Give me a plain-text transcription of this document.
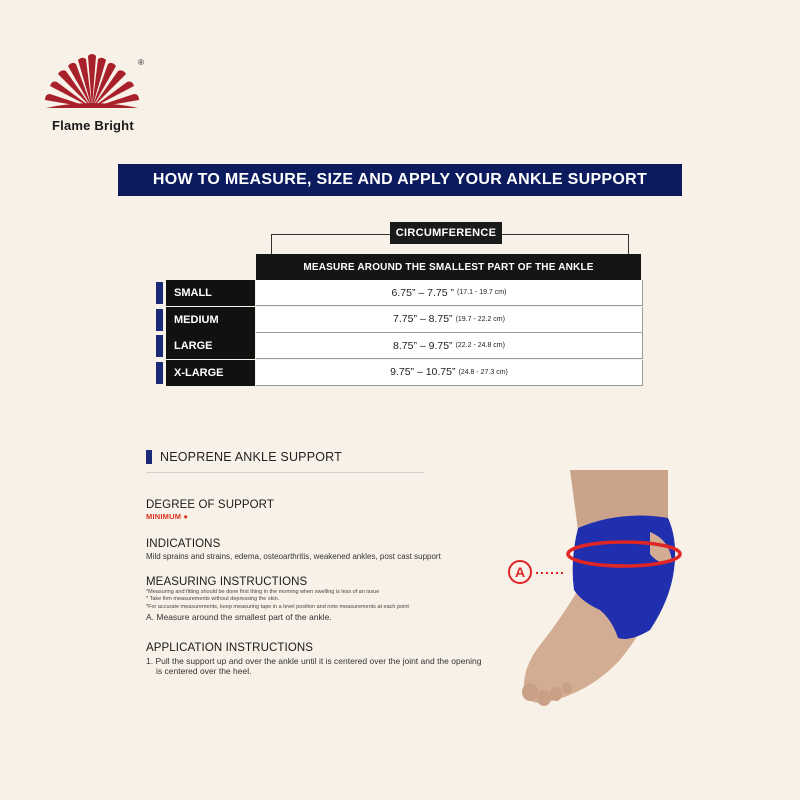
®
Flame Bright
HOW TO MEASURE, SIZE AND APPLY YOUR ANKLE SUPPORT
CIRCUMFERENCE
MEASURE AROUND THE SMALLEST PART OF THE ANKLE
SMALL	6.75” – 7.75 ” (17.1 - 19.7 cm)
MEDIUM	7.75” – 8.75” (19.7 - 22.2 cm)
LARGE	8.75” – 9.75” (22.2 - 24.8 cm)
X-LARGE	9.75” – 10.75” (24.8 - 27.3 cm)
NEOPRENE ANKLE SUPPORT
DEGREE OF SUPPORT
MINIMUM ●
INDICATIONS
Mild sprains and strains, edema, osteoarthritis, weakened ankles, post cast support
MEASURING INSTRUCTIONS
*Measuring and fitting should be done first thing in the morning when swelling is less of an issue
* Take firm measurements without depressing the skin.
*For accurate measurements, keep measuring tape in a level position and note measurements at each point
A. Measure around the smallest part of the ankle.
APPLICATION INSTRUCTIONS
1. Pull the support up and over the ankle until it is centered over the joint and the opening
is centered over the heel.
A
